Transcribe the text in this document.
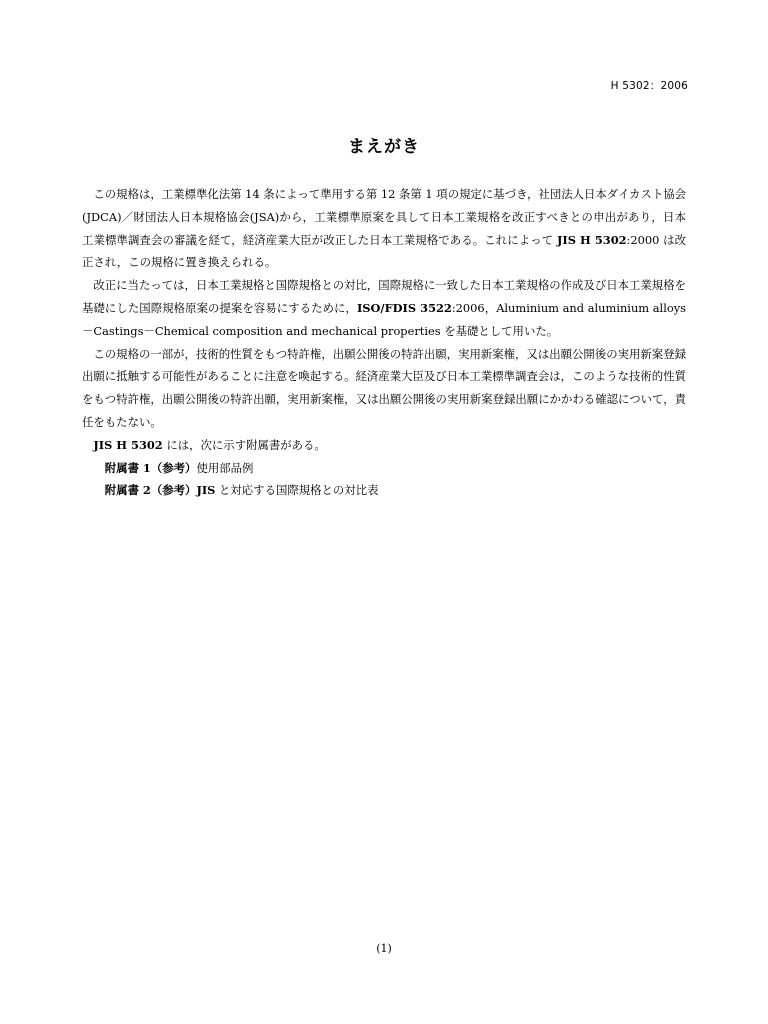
H 5302：2006
まえがき

この規格は，工業標準化法第 14 条によって準用する第 12 条第 1 項の規定に基づき，社団法人日本ダイカスト協会(JDCA)／財団法人日本規格協会(JSA)から，工業標準原案を具して日本工業規格を改正すべきとの申出があり，日本工業標準調査会の審議を経て，経済産業大臣が改正した日本工業規格である。これによって JIS H 5302:2000 は改正され，この規格に置き換えられる。

改正に当たっては，日本工業規格と国際規格との対比，国際規格に一致した日本工業規格の作成及び日本工業規格を基礎にした国際規格原案の提案を容易にするために，ISO/FDIS 3522:2006，Aluminium and aluminium alloys－Castings－Chemical composition and mechanical properties を基礎として用いた。

この規格の一部が，技術的性質をもつ特許権，出願公開後の特許出願，実用新案権，又は出願公開後の実用新案登録出願に抵触する可能性があることに注意を喚起する。経済産業大臣及び日本工業標準調査会は，このような技術的性質をもつ特許権，出願公開後の特許出願，実用新案権，又は出願公開後の実用新案登録出願にかかわる確認について，責任をもたない。

JIS H 5302 には，次に示す附属書がある。

附属書 1（参考）使用部品例
附属書 2（参考）JIS と対応する国際規格との対比表
(1)
